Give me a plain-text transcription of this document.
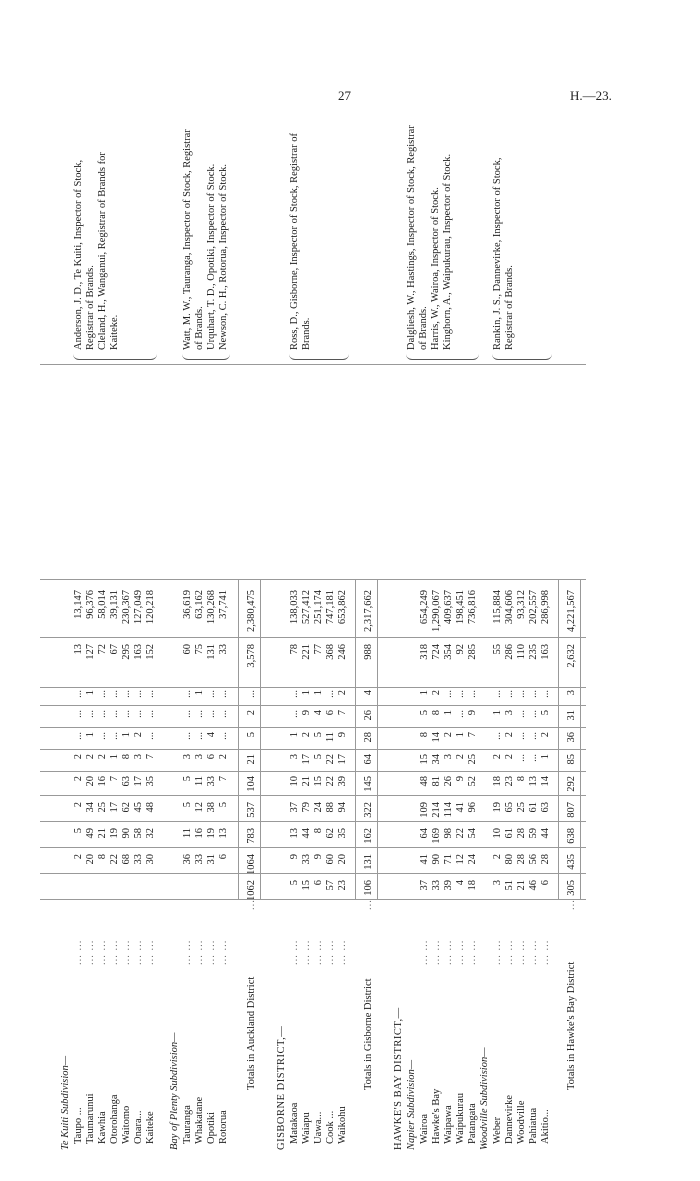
27	H.—23.
Te Kuiti Subdivision— Taupo ...
... ...
2
5
2
2
2
...
...
...
13
13,147
Taumarunui
... ...
20
49
34
20
2
1
...
1
127
96,376
Kawhia
... ...
8
21
25
16
2
...
...
...
72
58,014
Otorohanga
... ...
22
19
17
7
1
...
...
...
67
39,131
Waitomo
... ...
68
90
62
63
8
1
...
...
295
230,367
Onara...
... ...
33
58
45
17
3
2
...
...
163
127,049
Kaiteke
... ...
30
32
48
35
7
...
...
...
152
120,218
Anderson, J. D., Te Kuiti, Inspector of Stock, Registrar of Brands. Cleland, H., Wanganui, Registrar of Brands for Kaiteke.
Bay of Plenty Subdivision— Tauranga
... ...
36
11
5
5
3
...
...
...
60
36,619
Whakatane
... ...
33
16
12
11
3
...
...
1
75
63,162
Opotiki
... ...
31
19
38
33
6
4
...
...
131
130,268
Rotorua
... ...
6
13
5
7
2
...
...
...
33
37,741
Watt, M. W., Tauranga, Inspector of Stock, Registrar of Brands. Urquhart, T. D., Opotiki, Inspector of Stock. Newson, C. H., Rotorua, Inspector of Stock.
Totals in Auckland District
...
1062
1064
783
537
104
21
5
2
...
3,578
2,380,475
GISBORNE DISTRICT,— Matakaoa
... ...
5
9
13
37
10
3
1
...
...
78
138,033
Waiapu
... ...
15
33
44
79
21
17
2
9
1
221
527,412
Uawa...
... ...
6
9
8
24
15
5
5
4
1
77
251,174
Cook ...
... ...
57
60
62
88
22
22
11
6
...
368
747,181
Waikohu
... ...
23
20
35
94
39
17
9
7
2
246
653,862
Ross, D., Gisborne, Inspector of Stock, Registrar of Brands.
Totals in Gisborne District
...
106
131
162
322
145
64
28
26
4
988
2,317,662
HAWKE'S BAY DISTRICT,— Napier Subdivision— Wairoa
... ...
37
41
64
109
48
15
8
5
1
318
654,249
Hawke's Bay
... ...
33
90
169
214
81
34
14
8
2
724
1,290,067
Waipawa
... ...
39
71
98
114
26
3
2
1
...
354
409,637
Waipukurau
... ...
4
12
22
41
9
2
1
...
...
92
198,451
Patangata
... ...
18
24
54
96
52
25
7
9
...
285
736,816
Dalgliesh, W., Hastings, Inspector of Stock, Registrar of Brands. Harris, W., Wairoa, Inspector of Stock. Kinghorn, A., Waipukurau, Inspector of Stock.
Woodville Subdivision— Weber
... ...
3
2
10
19
18
2
...
1
...
55
115,884
Dannevirke
... ...
51
80
61
65
23
2
2
3
...
286
304,606
Woodville
... ...
21
28
28
25
8
...
...
...
...
110
93,312
Pahiatua
... ...
46
56
59
61
13
...
...
...
...
235
202,557
Akitio...
... ...
6
28
44
63
14
1
2
5
...
163
286,998
Rankin, J. S., Dannevirke, Inspector of Stock, Registrar of Brands.
Totals in Hawke's Bay District
...
305
435
638
807
292
85
36
31
3
2,632
4,221,567
